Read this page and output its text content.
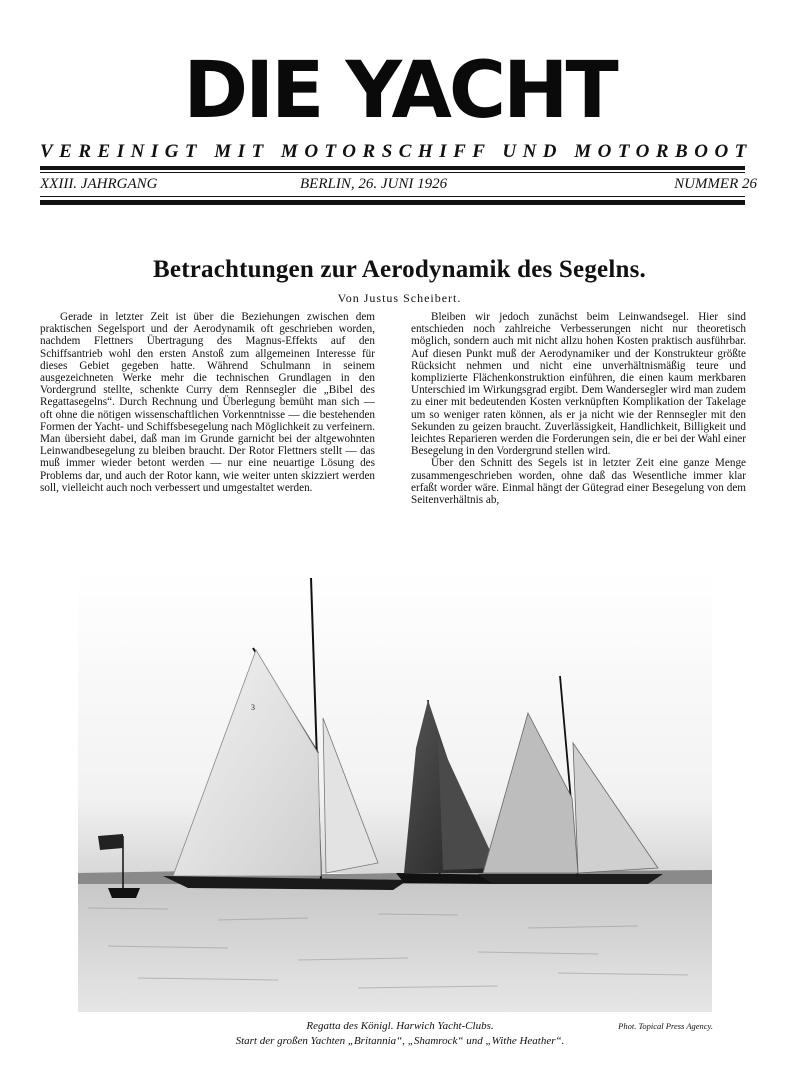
DIE YACHT
VEREINIGT MIT MOTORSCHIFF UND MOTORBOOT
XXIII. JAHRGANG	BERLIN, 26. JUNI 1926	NUMMER 26
Betrachtungen zur Aerodynamik des Segelns.
Von Justus Scheibert.

Gerade in letzter Zeit ist über die Beziehungen zwischen dem praktischen Segelsport und der Aerodynamik oft geschrieben worden, nachdem Flettners Übertragung des Magnus-Effekts auf den Schiffsantrieb wohl den ersten Anstoß zum allgemeinen Interesse für dieses Gebiet gegeben hatte. Während Schulmann in seinem ausgezeichneten Werke mehr die technischen Grundlagen in den Vordergrund stellte, schenkte Curry dem Rennsegler die „Bibel des Regattasegelns“. Durch Rechnung und Überlegung bemüht man sich — oft ohne die nötigen wissenschaftlichen Vorkenntnisse — die bestehenden Formen der Yacht- und Schiffsbesegelung nach Möglichkeit zu verfeinern. Man übersieht dabei, daß man im Grunde garnicht bei der altgewohnten Leinwandbesegelung zu bleiben braucht. Der Rotor Flettners stellt — das muß immer wieder betont werden — nur eine neuartige Lösung des Problems dar, und auch der Rotor kann, wie weiter unten skizziert werden soll, vielleicht auch noch verbessert und umgestaltet werden.

Bleiben wir jedoch zunächst beim Leinwandsegel. Hier sind entschieden noch zahlreiche Verbesserungen nicht nur theoretisch möglich, sondern auch mit nicht allzu hohen Kosten praktisch ausführbar. Auf diesen Punkt muß der Aerodynamiker und der Konstrukteur größte Rücksicht nehmen und nicht eine unverhältnismäßig teure und komplizierte Flächenkonstruktion einführen, die einen kaum merkbaren Unterschied im Wirkungsgrad ergibt. Dem Wandersegler wird man zudem zu einer mit bedeutenden Kosten verknüpften Komplikation der Takelage um so weniger raten können, als er ja nicht wie der Rennsegler mit den Sekunden zu geizen braucht. Zuverlässigkeit, Handlichkeit, Billigkeit und leichtes Reparieren werden die Forderungen sein, die er bei der Wahl einer Besegelung in den Vordergrund stellen wird.

Über den Schnitt des Segels ist in letzter Zeit eine ganze Menge zusammengeschrieben worden, ohne daß das Wesentliche immer klar erfaßt worder wäre. Einmal hängt der Gütegrad einer Besegelung von dem Seitenverhältnis ab,

3
Regatta des Königl. Harwich Yacht-Clubs.	Phot. Topical Press Agency.
Start der großen Yachten „Britannia“, „Shamrock“ und „Withe Heather“.
